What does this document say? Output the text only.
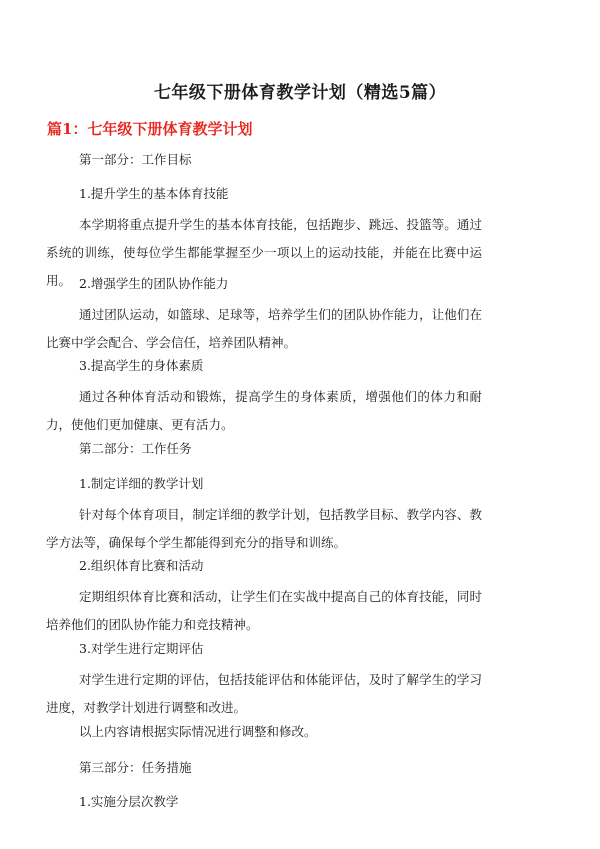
七年级下册体育教学计划（精选5篇）
篇1：七年级下册体育教学计划
第一部分：工作目标
1.提升学生的基本体育技能
本学期将重点提升学生的基本体育技能，包括跑步、跳远、投篮等。通过系统的训练，使每位学生都能掌握至少一项以上的运动技能，并能在比赛中运用。 2.增强学生的团队协作能力
通过团队运动，如篮球、足球等，培养学生们的团队协作能力，让他们在比赛中学会配合、学会信任，培养团队精神。
3.提高学生的身体素质
通过各种体育活动和锻炼，提高学生的身体素质，增强他们的体力和耐力，使他们更加健康、更有活力。
第二部分：工作任务
1.制定详细的教学计划
针对每个体育项目，制定详细的教学计划，包括教学目标、教学内容、教学方法等，确保每个学生都能得到充分的指导和训练。
2.组织体育比赛和活动
定期组织体育比赛和活动，让学生们在实战中提高自己的体育技能，同时培养他们的团队协作能力和竞技精神。
3.对学生进行定期评估
对学生进行定期的评估，包括技能评估和体能评估，及时了解学生的学习进度，对教学计划进行调整和改进。
以上内容请根据实际情况进行调整和修改。
第三部分：任务措施
1.实施分层次教学
